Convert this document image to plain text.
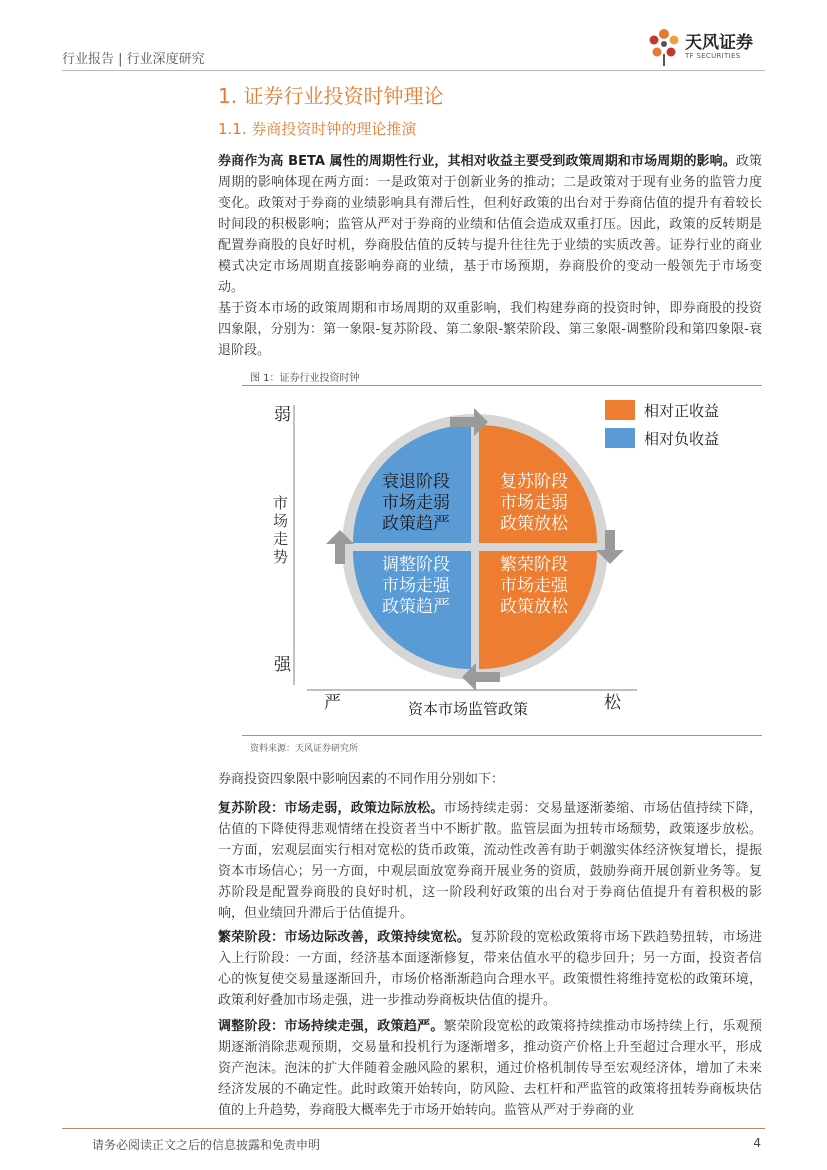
行业报告 | 行业深度研究
天风证券
TF SECURITIES
1. 证券行业投资时钟理论
1.1. 券商投资时钟的理论推演

券商作为高 BETA 属性的周期性行业，其相对收益主要受到政策周期和市场周期的影响。政策周期的影响体现在两方面：一是政策对于创新业务的推动；二是政策对于现有业务的监管力度变化。政策对于券商的业绩影响具有滞后性，但利好政策的出台对于券商估值的提升有着较长时间段的积极影响；监管从严对于券商的业绩和估值会造成双重打压。因此，政策的反转期是配置券商股的良好时机，券商股估值的反转与提升往往先于业绩的实质改善。证券行业的商业模式决定市场周期直接影响券商的业绩，基于市场预期，券商股价的变动一般领先于市场变动。

基于资本市场的政策周期和市场周期的双重影响，我们构建券商的投资时钟，即券商股的投资四象限，分别为：第一象限-复苏阶段、第二象限-繁荣阶段、第三象限-调整阶段和第四象限-衰退阶段。

图 1：证券行业投资时钟
弱
强
市
场
走
势
严	松
资本市场监管政策
衰退阶段
市场走弱
政策趋严
复苏阶段
市场走弱
政策放松
调整阶段
市场走强
政策趋严
繁荣阶段
市场走强
政策放松
相对正收益
相对负收益
资料来源：天风证券研究所

券商投资四象限中影响因素的不同作用分别如下：

复苏阶段：市场走弱，政策边际放松。市场持续走弱：交易量逐渐萎缩、市场估值持续下降，估值的下降使得悲观情绪在投资者当中不断扩散。监管层面为扭转市场颓势，政策逐步放松。一方面，宏观层面实行相对宽松的货币政策，流动性改善有助于刺激实体经济恢复增长，提振资本市场信心；另一方面，中观层面放宽券商开展业务的资质，鼓励券商开展创新业务等。复苏阶段是配置券商股的良好时机，这一阶段利好政策的出台对于券商估值提升有着积极的影响，但业绩回升滞后于估值提升。

繁荣阶段：市场边际改善，政策持续宽松。复苏阶段的宽松政策将市场下跌趋势扭转，市场进入上行阶段：一方面，经济基本面逐渐修复，带来估值水平的稳步回升；另一方面，投资者信心的恢复使交易量逐渐回升，市场价格渐渐趋向合理水平。政策惯性将维持宽松的政策环境，政策利好叠加市场走强，进一步推动券商板块估值的提升。

调整阶段：市场持续走强，政策趋严。繁荣阶段宽松的政策将持续推动市场持续上行，乐观预期逐渐消除悲观预期，交易量和投机行为逐渐增多，推动资产价格上升至超过合理水平，形成资产泡沫。泡沫的扩大伴随着金融风险的累积，通过价格机制传导至宏观经济体，增加了未来经济发展的不确定性。此时政策开始转向，防风险、去杠杆和严监管的政策将扭转券商板块估值的上升趋势，券商股大概率先于市场开始转向。监管从严对于券商的业

请务必阅读正文之后的信息披露和免责申明	4
